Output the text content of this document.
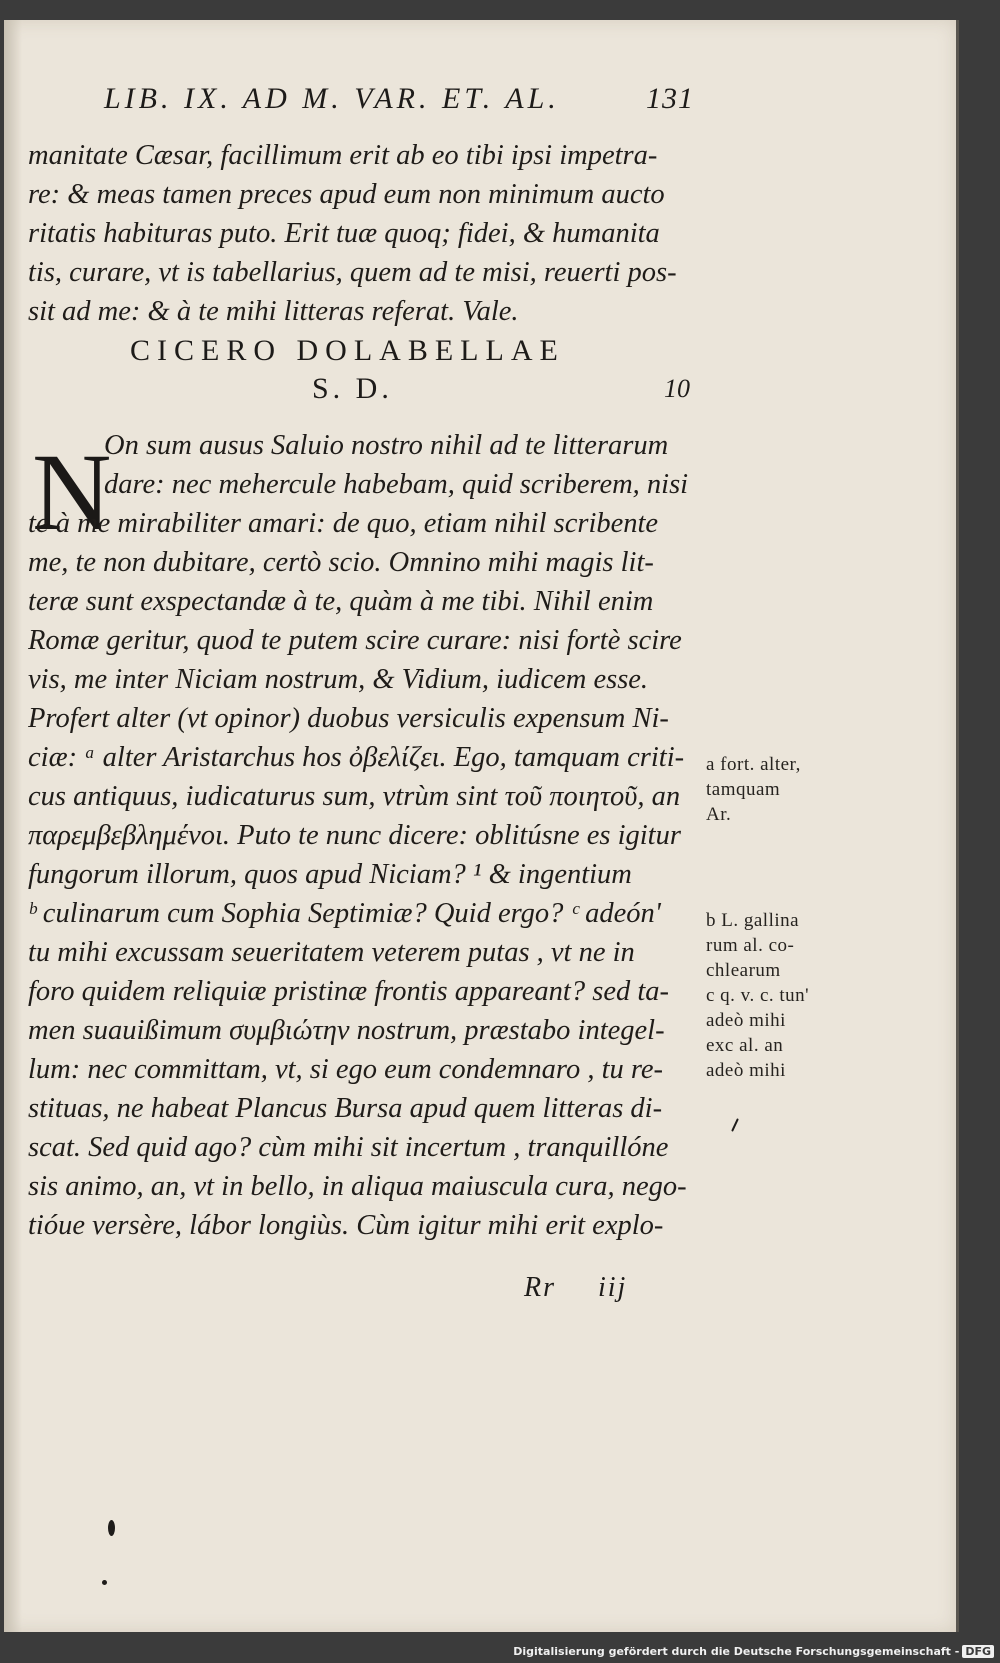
LIB. IX. AD M. VAR. ET. AL.	131
manitate Cæsar, facillimum erit ab eo tibi ipsi impetra-
re: & meas tamen preces apud eum non minimum aucto
ritatis habituras puto. Erit tuæ quoq; fidei, & humanita
tis, curare, vt is tabellarius, quem ad te misi, reuerti pos-
sit ad me: & à te mihi litteras referat. Vale.
CICERO DOLABELLAE
S. D.	10
N
On sum ausus Saluio nostro nihil ad te litterarum
dare: nec mehercule habebam, quid scriberem, nisi
te à me mirabiliter amari: de quo, etiam nihil scribente
me, te non dubitare, certò scio. Omnino mihi magis lit-
teræ sunt exspectandæ à te, quàm à me tibi. Nihil enim
Romæ geritur, quod te putem scire curare: nisi fortè scire
vis, me inter Niciam nostrum, & Vidium, iudicem esse.
Profert alter (vt opinor) duobus versiculis expensum Ni-
ciæ: ᵃ alter Aristarchus hos ὀβελίζει. Ego, tamquam criti-
cus antiquus, iudicaturus sum, vtrùm sint τοῦ ποιητοῦ, an
παρεμβεβλημένοι. Puto te nunc dicere: oblitúsne es igitur
fungorum illorum, quos apud Niciam? ¹ & ingentium
ᵇ culinarum cum Sophia Septimiæ? Quid ergo? ᶜ adeón'
tu mihi excussam seueritatem veterem putas , vt ne in
foro quidem reliquiæ pristinæ frontis appareant? sed ta-
men suauißimum συμβιώτην nostrum, præstabo integel-
lum: nec committam, vt, si ego eum condemnaro , tu re-
stituas, ne habeat Plancus Bursa apud quem litteras di-
scat. Sed quid ago? cùm mihi sit incertum , tranquillóne
sis animo, an, vt in bello, in aliqua maiuscula cura, nego-
tióue versère, lábor longiùs. Cùm igitur mihi erit explo-
a fort. alter,
tamquam
Ar.
b L. gallina
rum al. co-
chlearum
c q. v. c. tun'
adeò mihi
exc al. an
adeò mihi
Rr iij
Digitalisierung gefördert durch die Deutsche Forschungsgemeinschaft - DFG
